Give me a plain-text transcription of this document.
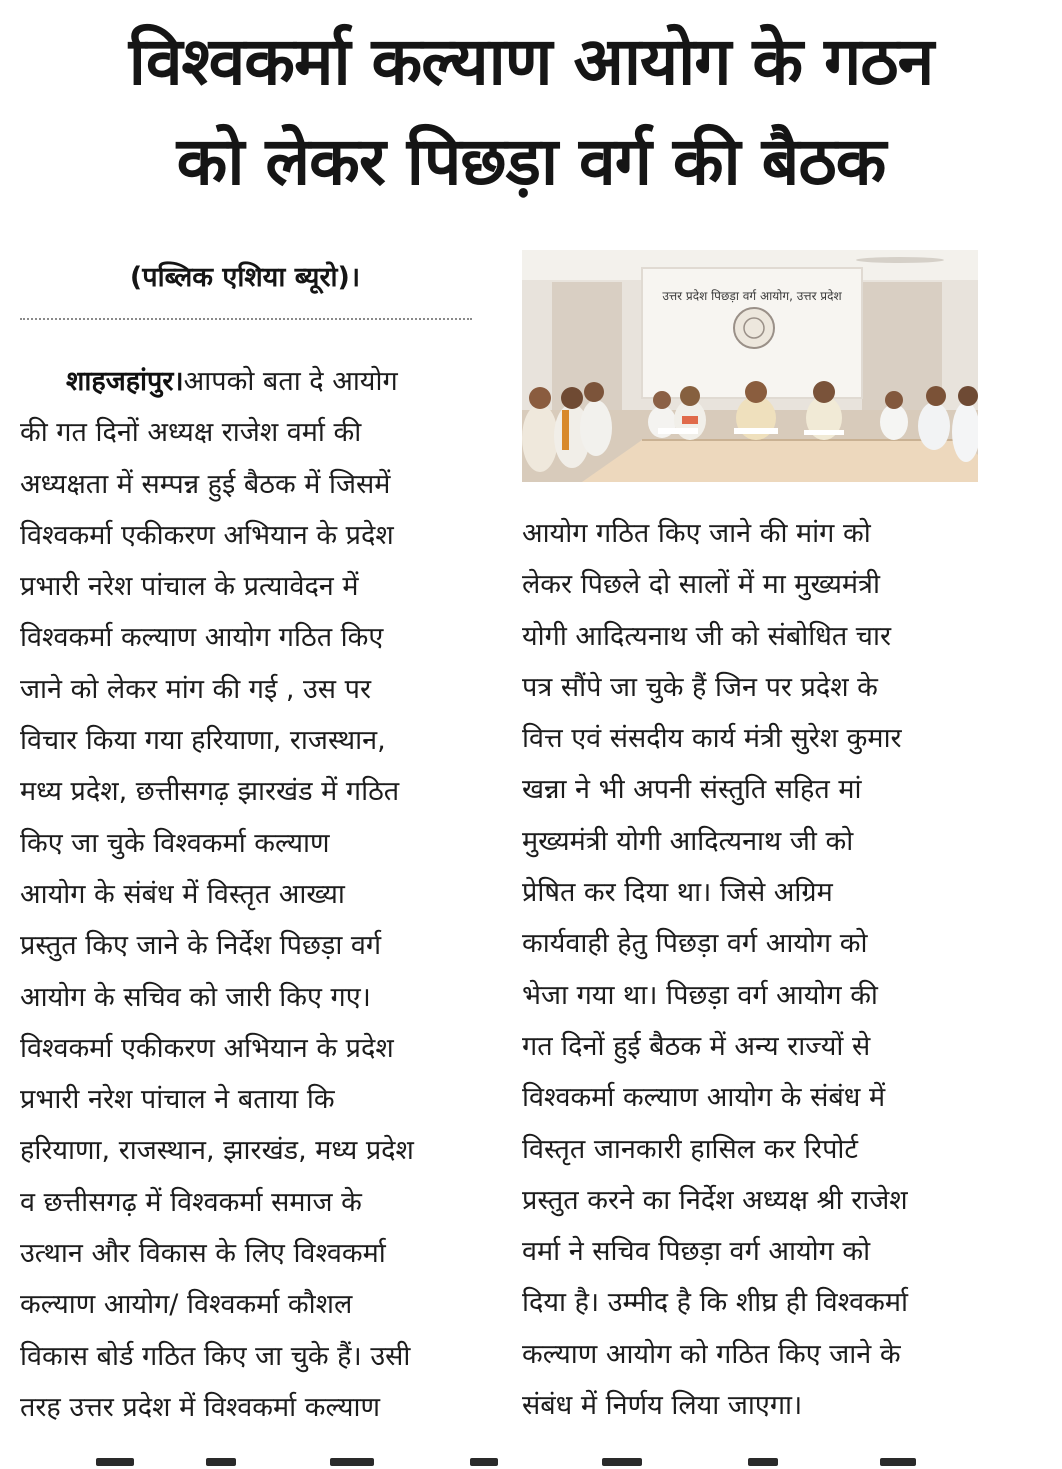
विश्वकर्मा कल्याण आयोग के गठन
को लेकर पिछड़ा वर्ग की बैठक
(पब्लिक एशिया ब्यूरो)।
उत्तर प्रदेश पिछड़ा वर्ग आयोग, उत्तर प्रदेश
शाहजहांपुर।आपको बता दे आयोग
की गत दिनों अध्यक्ष राजेश वर्मा की
अध्यक्षता में सम्पन्न हुई बैठक में जिसमें
विश्वकर्मा एकीकरण अभियान के प्रदेश
प्रभारी नरेश पांचाल के प्रत्यावेदन में
विश्वकर्मा कल्याण आयोग गठित किए
जाने को लेकर मांग की गई , उस पर
विचार किया गया हरियाणा, राजस्थान,
मध्य प्रदेश, छत्तीसगढ़ झारखंड में गठित
किए जा चुके विश्वकर्मा कल्याण
आयोग के संबंध में विस्तृत आख्या
प्रस्तुत किए जाने के निर्देश पिछड़ा वर्ग
आयोग के सचिव को जारी किए गए।
विश्वकर्मा एकीकरण अभियान के प्रदेश
प्रभारी नरेश पांचाल ने बताया कि
हरियाणा, राजस्थान, झारखंड, मध्य प्रदेश
व छत्तीसगढ़ में विश्वकर्मा समाज के
उत्थान और विकास के लिए विश्वकर्मा
कल्याण आयोग/ विश्वकर्मा कौशल
विकास बोर्ड गठित किए जा चुके हैं। उसी
तरह उत्तर प्रदेश में विश्वकर्मा कल्याण
आयोग गठित किए जाने की मांग को
लेकर पिछले दो सालों में मा मुख्यमंत्री
योगी आदित्यनाथ जी को संबोधित चार
पत्र सौंपे जा चुके हैं जिन पर प्रदेश के
वित्त एवं संसदीय कार्य मंत्री सुरेश कुमार
खन्ना ने भी अपनी संस्तुति सहित मां
मुख्यमंत्री योगी आदित्यनाथ जी को
प्रेषित कर दिया था। जिसे अग्रिम
कार्यवाही हेतु पिछड़ा वर्ग आयोग को
भेजा गया था। पिछड़ा वर्ग आयोग की
गत दिनों हुई बैठक में अन्य राज्यों से
विश्वकर्मा कल्याण आयोग के संबंध में
विस्तृत जानकारी हासिल कर रिपोर्ट
प्रस्तुत करने का निर्देश अध्यक्ष श्री राजेश
वर्मा ने सचिव पिछड़ा वर्ग आयोग को
दिया है। उम्मीद है कि शीघ्र ही विश्वकर्मा
कल्याण आयोग को गठित किए जाने के
संबंध में निर्णय लिया जाएगा।
